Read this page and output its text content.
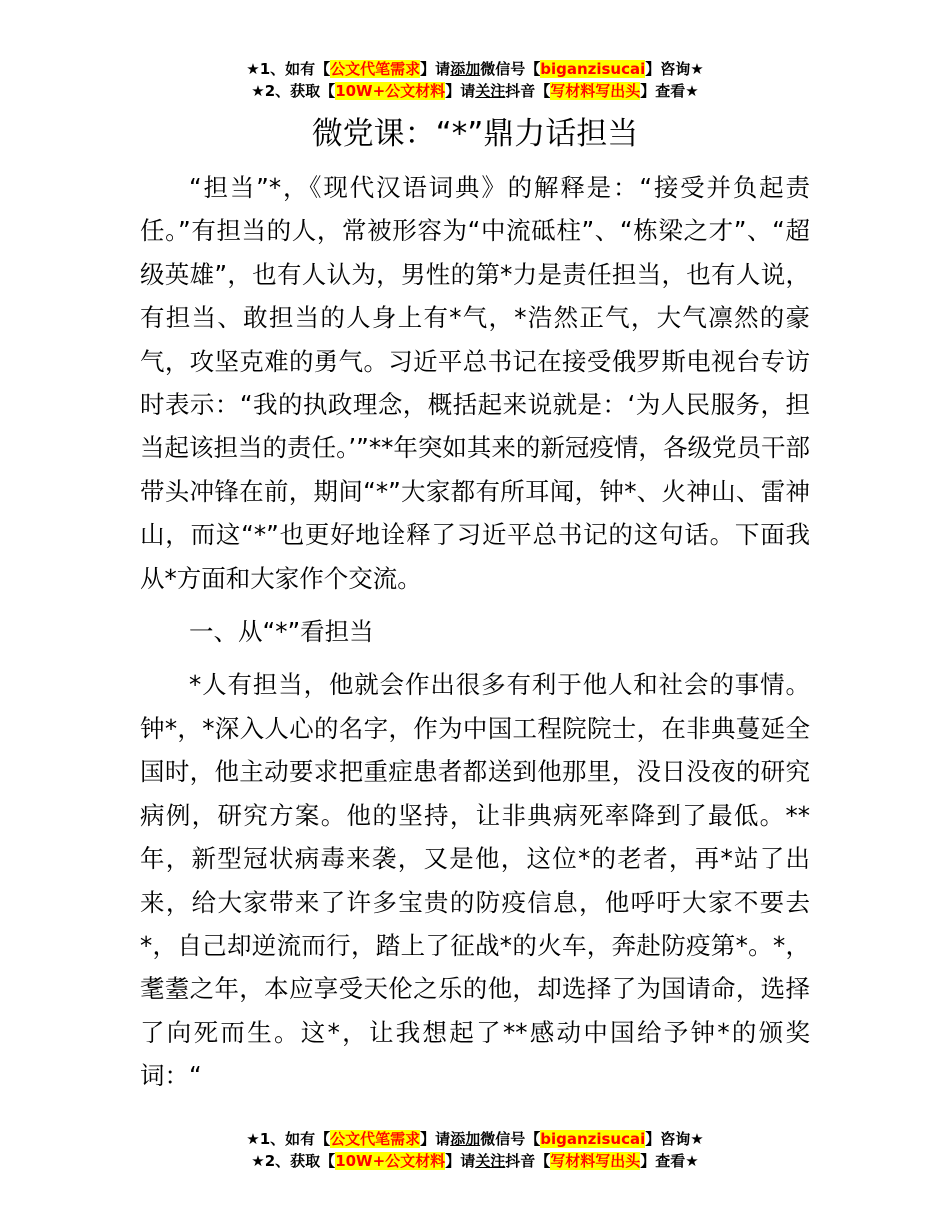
★1、如有【公文代笔需求】请添加微信号【biganzisucai】咨询★
★2、获取【10W+公文材料】请关注抖音【写材料写出头】查看★
微党课：“*”鼎力话担当

“担当”*，《现代汉语词典》的解释是：“接受并负起责任。”有担当的人，常被形容为“中流砥柱”、“栋梁之才”、“超级英雄”，也有人认为，男性的第*力是责任担当，也有人说，有担当、敢担当的人身上有*气，*浩然正气，大气凛然的豪气，攻坚克难的勇气。习近平总书记在接受俄罗斯电视台专访时表示：“我的执政理念，概括起来说就是：‘为人民服务，担当起该担当的责任。’”**年突如其来的新冠疫情，各级党员干部带头冲锋在前，期间“*”大家都有所耳闻，钟*、火神山、雷神山，而这“*”也更好地诠释了习近平总书记的这句话。下面我从*方面和大家作个交流。

一、从“*”看担当

*人有担当，他就会作出很多有利于他人和社会的事情。钟*，*深入人心的名字，作为中国工程院院士，在非典蔓延全国时，他主动要求把重症患者都送到他那里，没日没夜的研究病例，研究方案。他的坚持，让非典病死率降到了最低。**年，新型冠状病毒来袭，又是他，这位*的老者，再*站了出来，给大家带来了许多宝贵的防疫信息，他呼吁大家不要去*，自己却逆流而行，踏上了征战*的火车，奔赴防疫第*。*，耄耋之年，本应享受天伦之乐的他，却选择了为国请命，选择了向死而生。这*，让我想起了**感动中国给予钟*的颁奖词：“

★1、如有【公文代笔需求】请添加微信号【biganzisucai】咨询★
★2、获取【10W+公文材料】请关注抖音【写材料写出头】查看★
